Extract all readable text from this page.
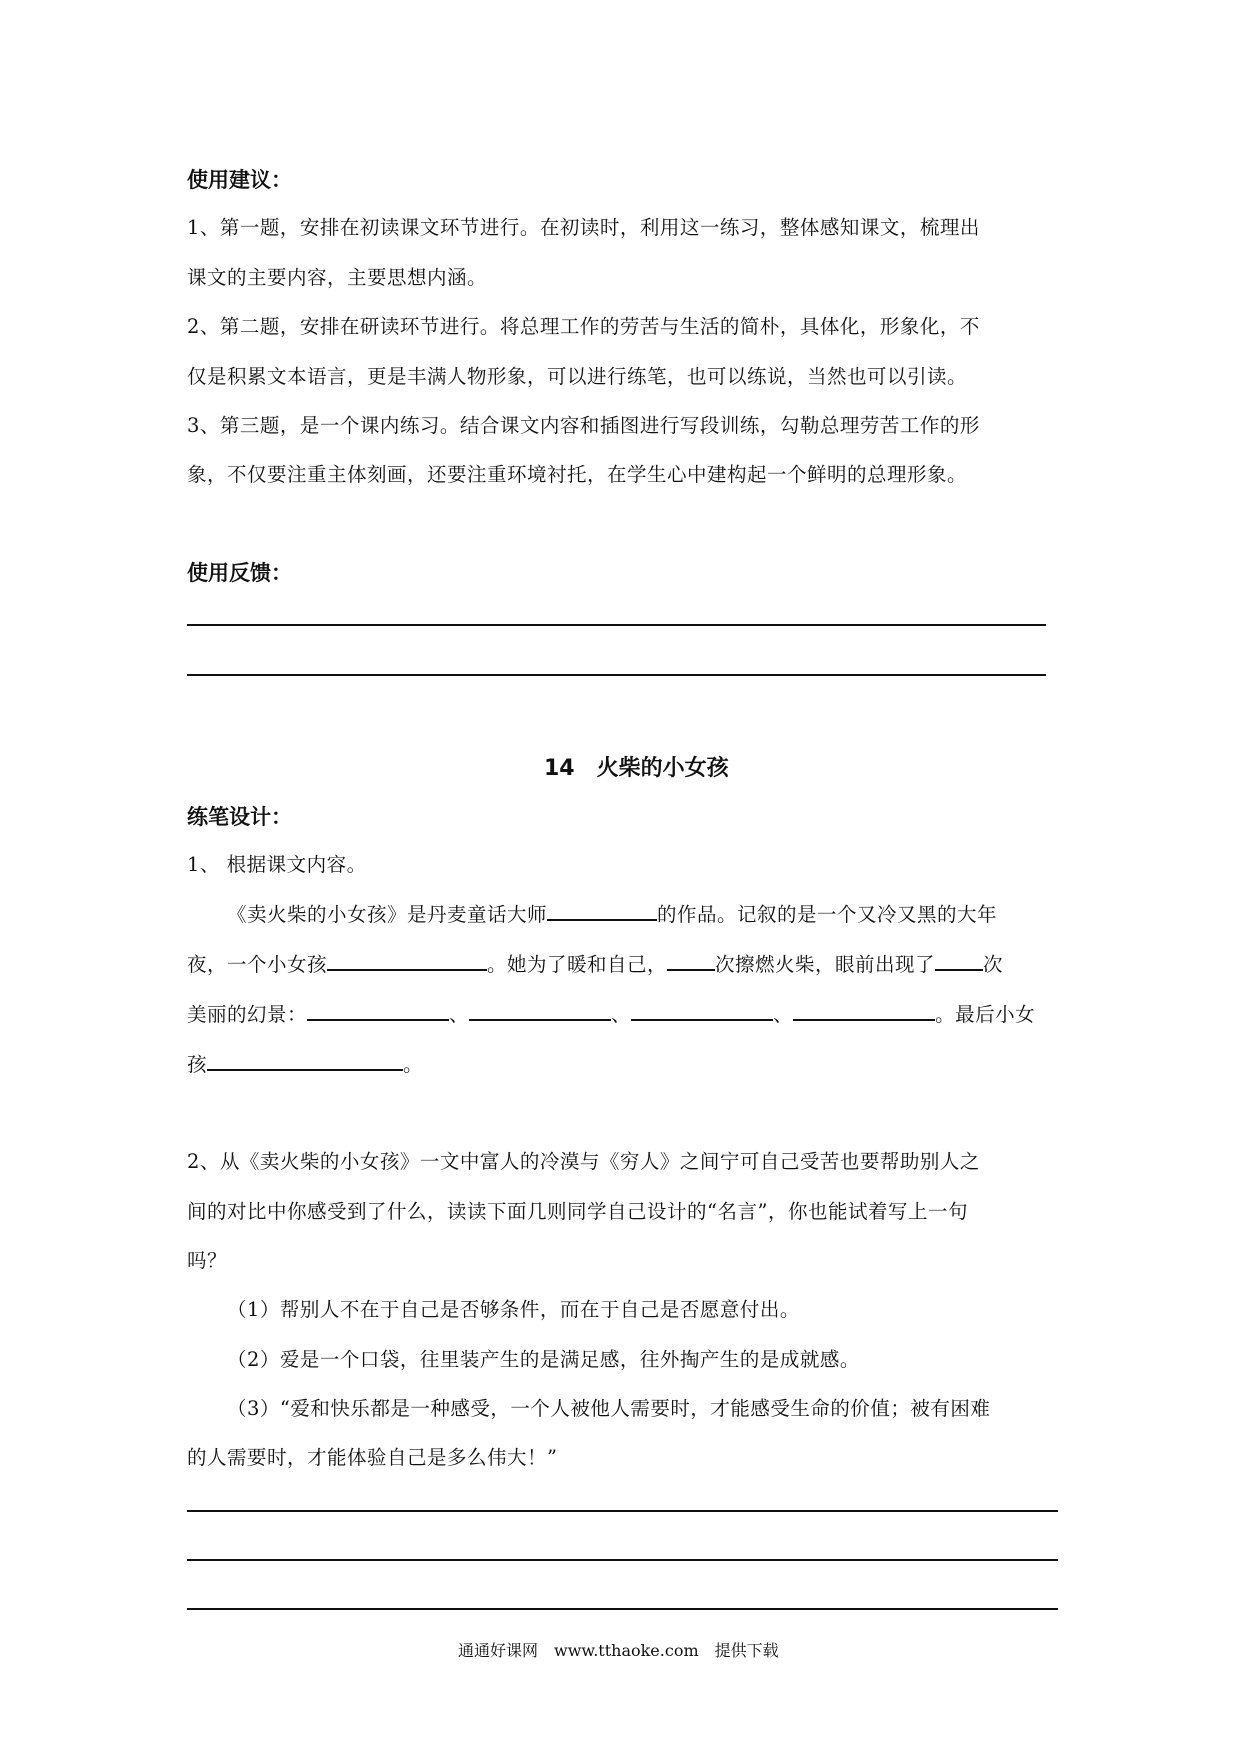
使用建议：
1、第一题，安排在初读课文环节进行。在初读时，利用这一练习，整体感知课文，梳理出
课文的主要内容，主要思想内涵。
2、第二题，安排在研读环节进行。将总理工作的劳苦与生活的简朴，具体化，形象化，不
仅是积累文本语言，更是丰满人物形象，可以进行练笔，也可以练说，当然也可以引读。
3、第三题，是一个课内练习。结合课文内容和插图进行写段训练，勾勒总理劳苦工作的形
象，不仅要注重主体刻画，还要注重环境衬托，在学生心中建构起一个鲜明的总理形象。
使用反馈：
14　火柴的小女孩
练笔设计：
1、 根据课文内容。
《卖火柴的小女孩》是丹麦童话大师	的作品。记叙的是一个又冷又黑的大年
夜，一个小女孩	。她为了暖和自己， 次擦燃火柴，眼前出现了 次
美丽的幻景：	、	、	、	。最后小女
孩	。
2、从《卖火柴的小女孩》一文中富人的冷漠与《穷人》之间宁可自己受苦也要帮助别人之
间的对比中你感受到了什么，读读下面几则同学自己设计的“名言”，你也能试着写上一句
吗？
（1）帮别人不在于自己是否够条件，而在于自己是否愿意付出。
（2）爱是一个口袋，往里装产生的是满足感，往外掏产生的是成就感。
（3）“爱和快乐都是一种感受，一个人被他人需要时，才能感受生命的价值；被有困难
的人需要时，才能体验自己是多么伟大！”
通通好课网　www.tthaoke.com　提供下载
